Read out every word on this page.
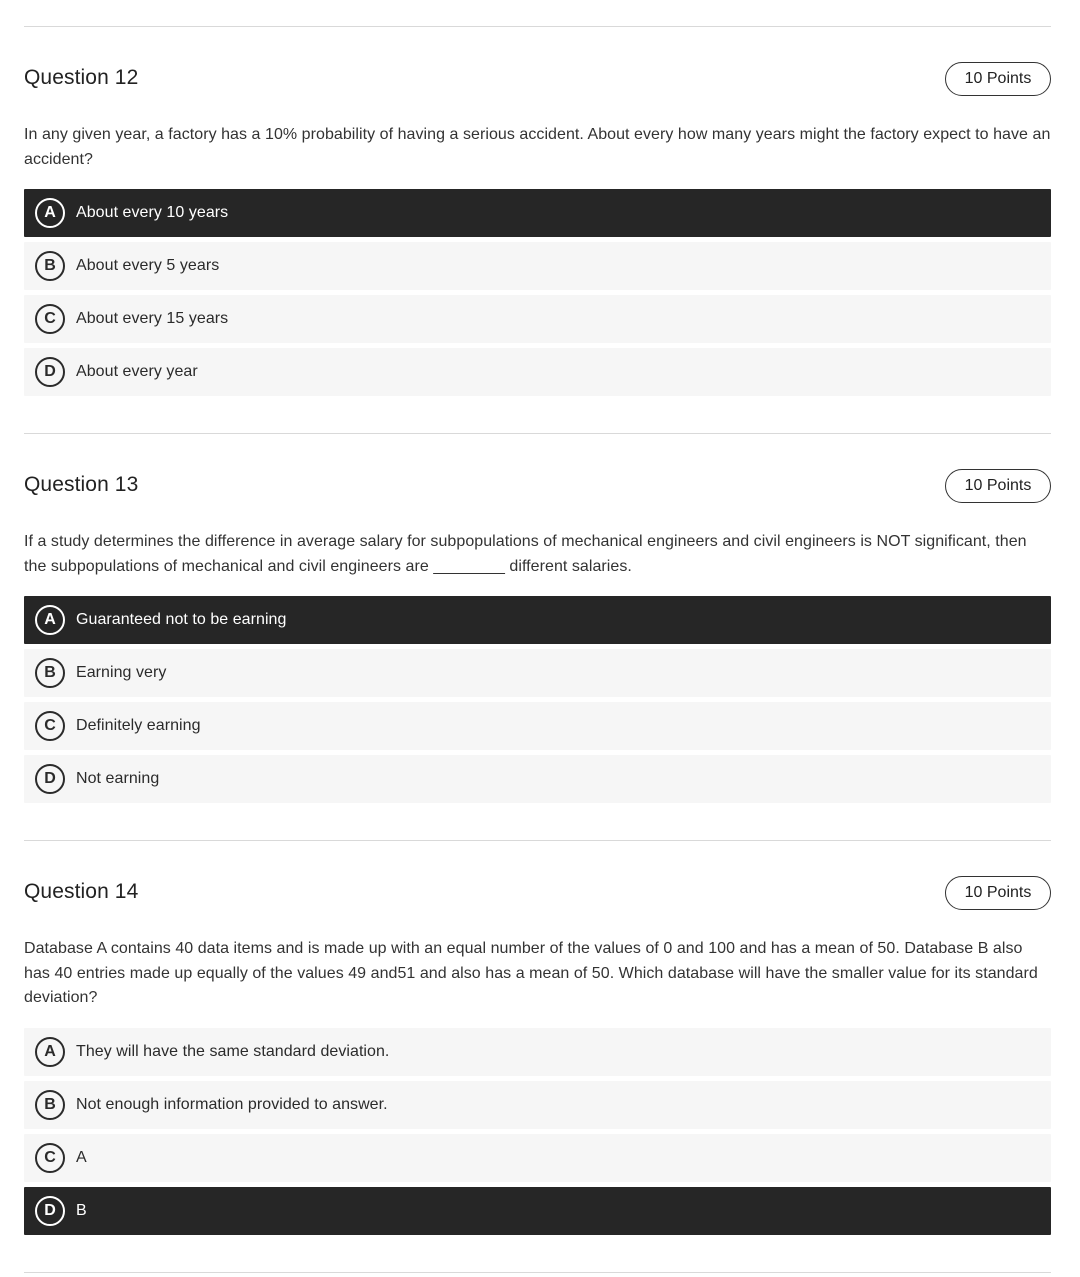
Question 12	10 Points

In any given year, a factory has a 10% probability of having a serious accident. About every how many years might the factory expect to have an accident?

A	About every 10 years
B	About every 5 years
C	About every 15 years
D	About every year
Question 13	10 Points

If a study determines the difference in average salary for subpopulations of mechanical engineers and civil engineers is NOT significant, then the subpopulations of mechanical and civil engineers are ________ different salaries.

A	Guaranteed not to be earning
B	Earning very
C	Definitely earning
D	Not earning
Question 14	10 Points

Database A contains 40 data items and is made up with an equal number of the values of 0 and 100 and has a mean of 50. Database B also has 40 entries made up equally of the values 49 and51 and also has a mean of 50. Which database will have the smaller value for its standard deviation?

A	They will have the same standard deviation.
B	Not enough information provided to answer.
C	A
D	B
